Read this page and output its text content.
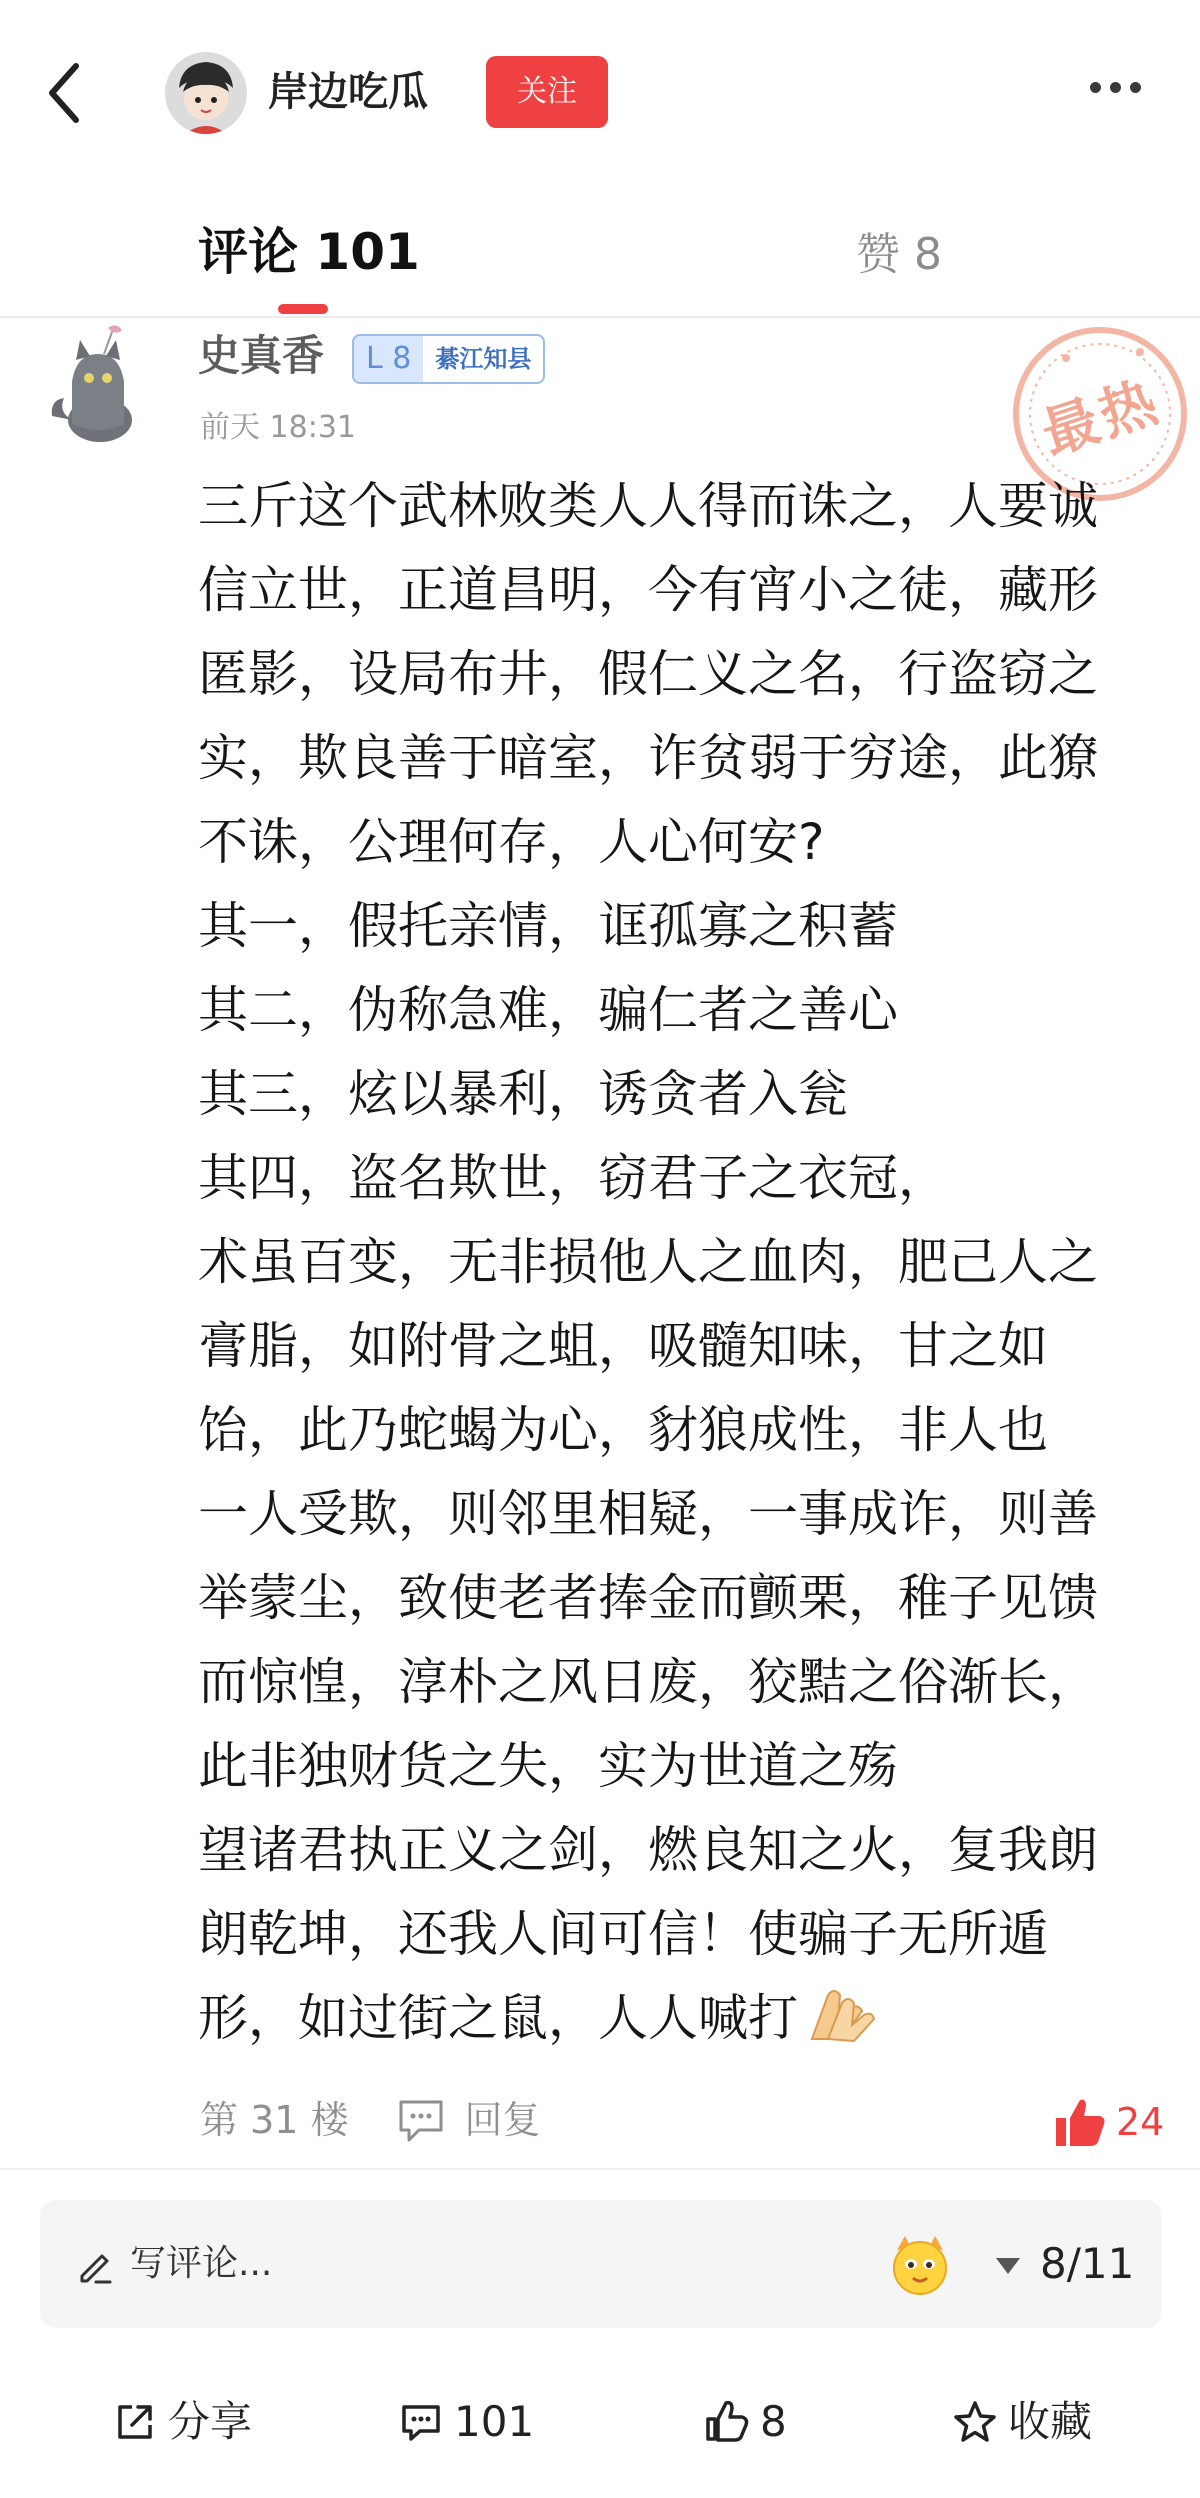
岸边吃瓜	关注
评论 101	赞 8
史真香	L 8	綦江知县
前天 18:31	最热

三斤这个武林败类人人得而诛之，人要诚

信立世，正道昌明，今有宵小之徒，藏形

匿影，设局布井，假仁义之名，行盗窃之

实，欺良善于暗室，诈贫弱于穷途，此獠

不诛，公理何存，人心何安?

其一，假托亲情，诓孤寡之积蓄

其二，伪称急难，骗仁者之善心

其三，炫以暴利，诱贪者入瓮

其四，盗名欺世，窃君子之衣冠，

术虽百变，无非损他人之血肉，肥己人之

膏脂，如附骨之蛆，吸髓知味，甘之如

饴，此乃蛇蝎为心，豺狼成性，非人也

一人受欺，则邻里相疑，一事成诈，则善

举蒙尘，致使老者捧金而颤栗，稚子见馈

而惊惶，淳朴之风日废，狡黠之俗渐长，

此非独财货之失，实为世道之殇

望诸君执正义之剑，燃良知之火，复我朗

朗乾坤，还我人间可信！使骗子无所遁

形，如过街之鼠，人人喊打

第 31 楼	回复	24
写评论...	8/11
分享	101	8	收藏
